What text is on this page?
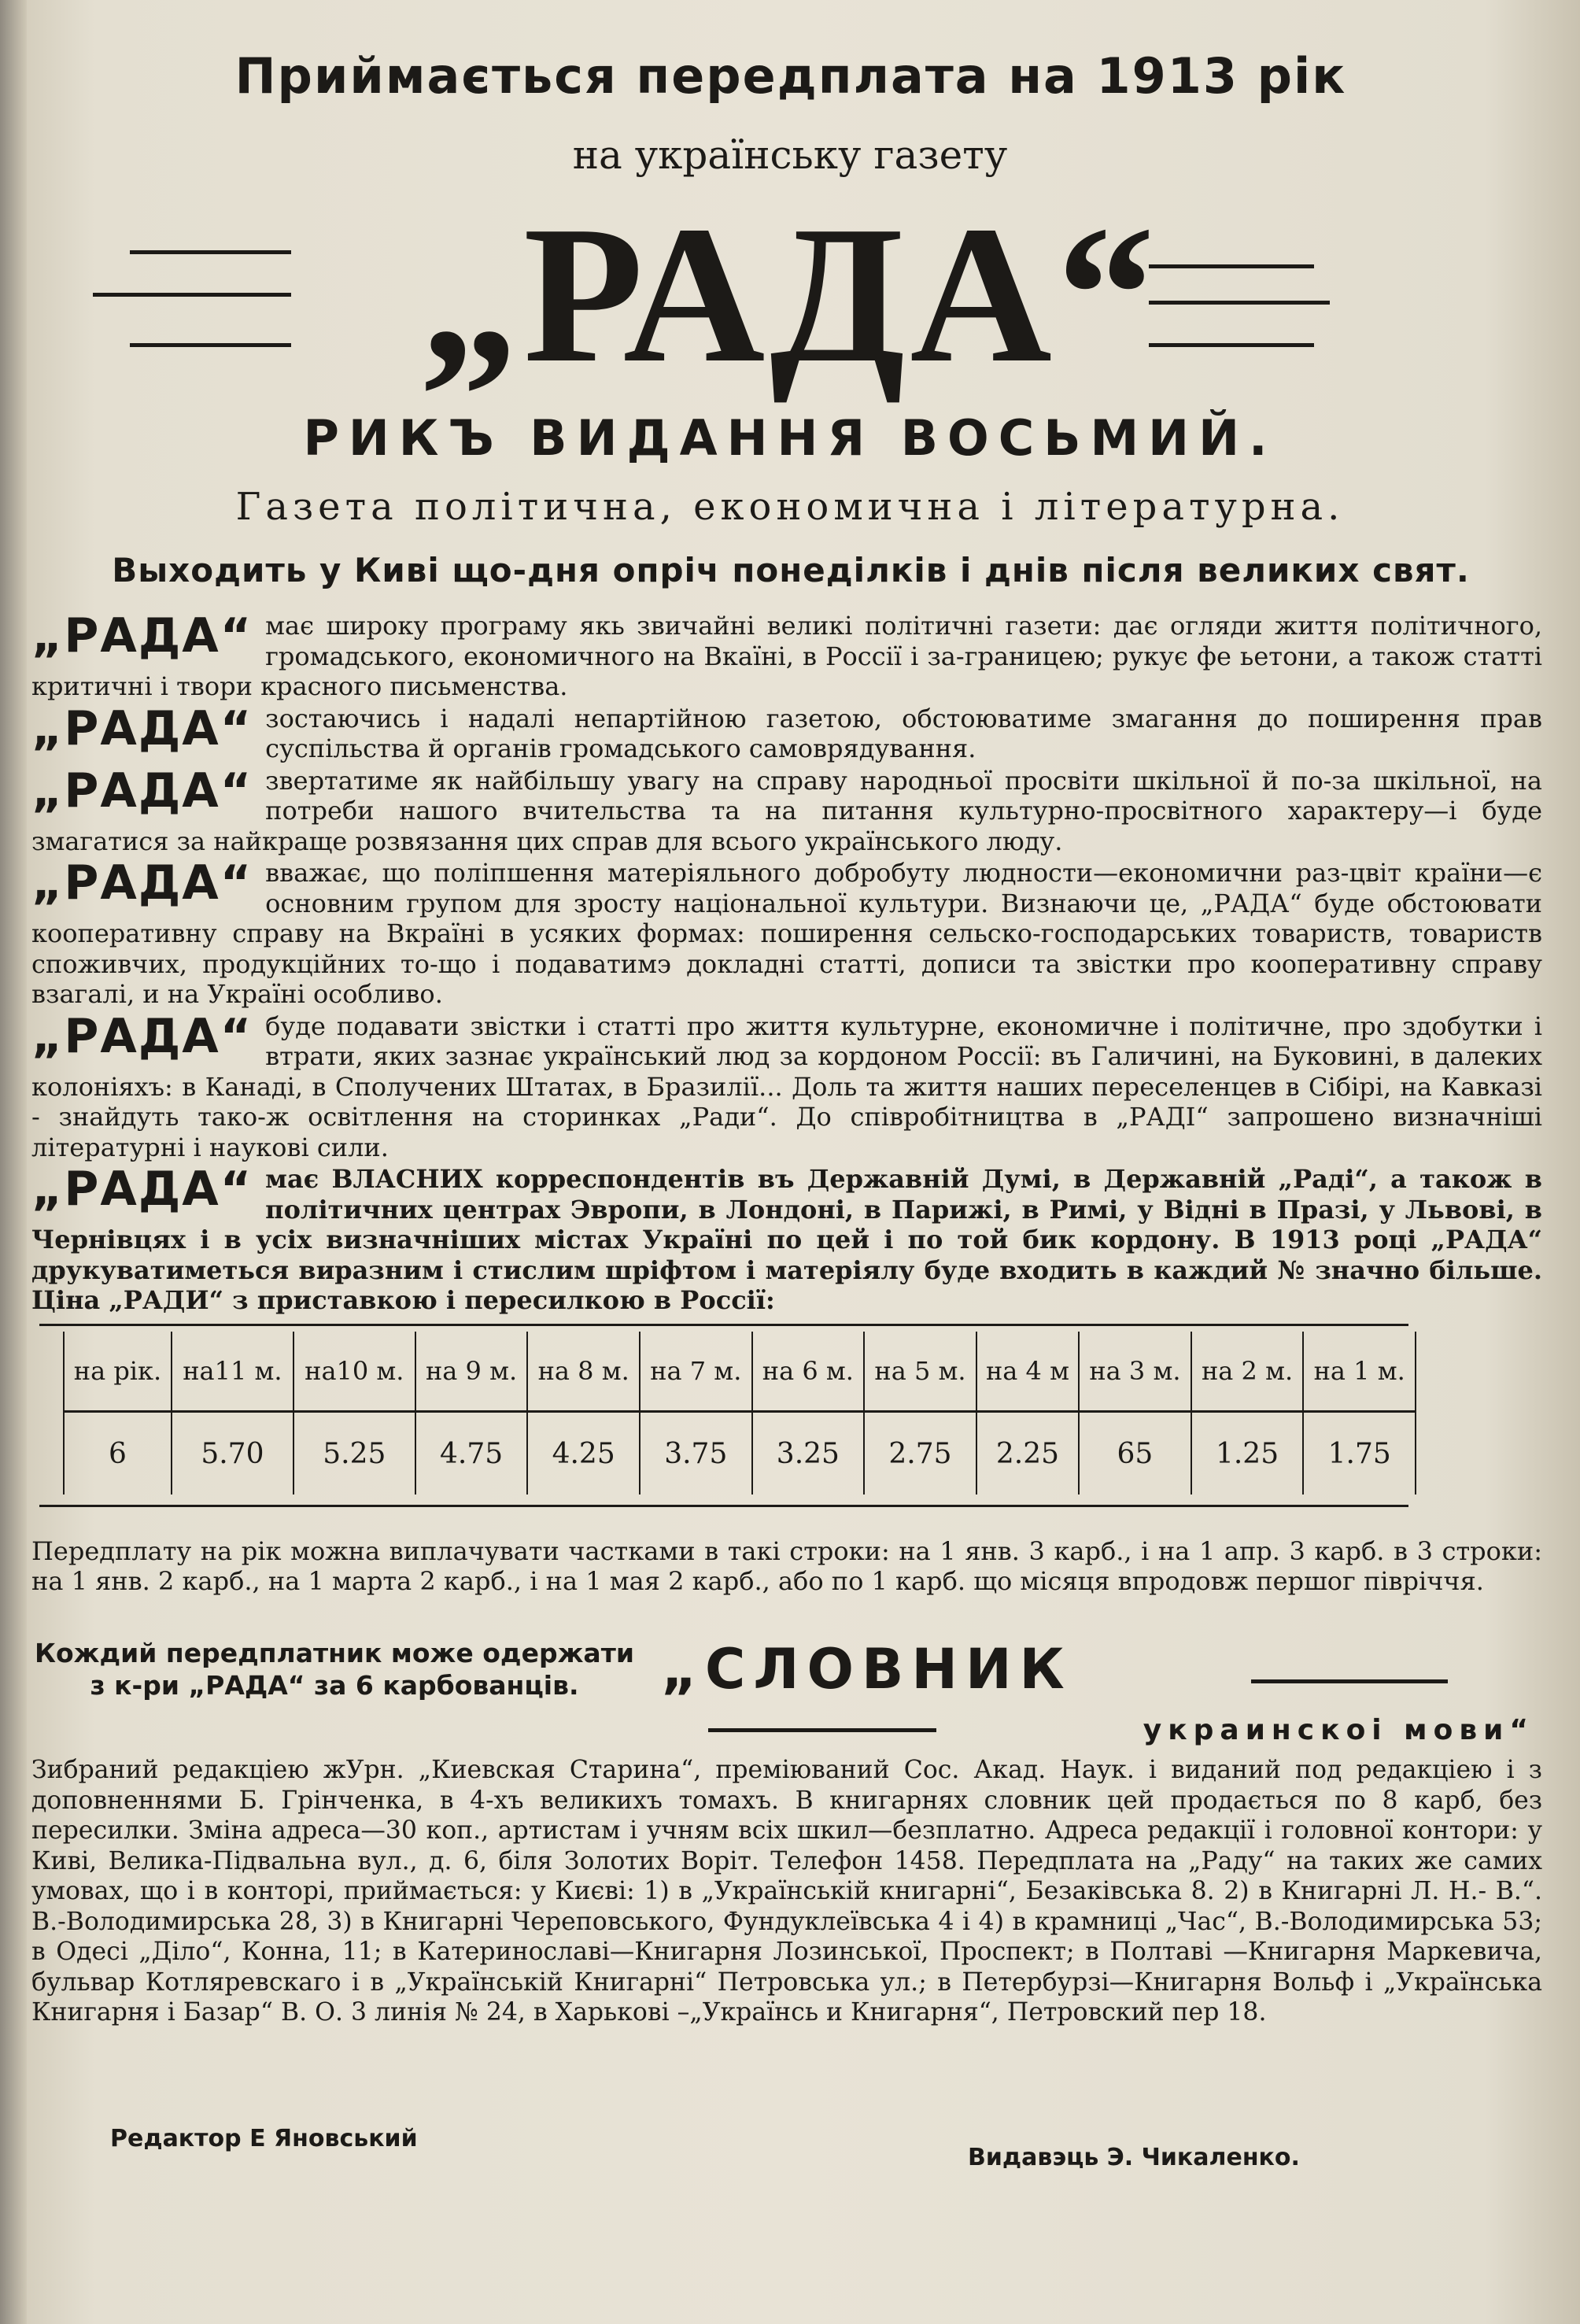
Приймається передплата на 1913 рік
на українську газету
„РАДА“
РИКЪ ВИДАННЯ ВОСЬМИЙ.
Газета політична, економична і літературна.
Выходить у Киві що-дня опріч понеділків і днів після великих свят.

„РАДА“ має широку програму якь звичайні великі політичні газети: дає огляди життя політичного, громадського, економичного на Вкаїні, в Россії і за-границею; рукує фе ьетони, а також статті критичні і твори красного письменства.

„РАДА“ зостаючись і надалі непартійною газетою, обстоюватиме змагання до поширення прав суспільства й органів громадського самоврядування.

„РАДА“ звертатиме як найбільшу увагу на справу народньої просвіти шкільної й по-за шкільної, на потреби нашого вчительства та на питання культурно-просвітного характеру—і буде змагатися за найкраще розвязання цих справ для всього українського люду.

„РАДА“ вважає, що поліпшення матеріяльного добробуту людности—економични раз-цвіт країни—є основним групом для зросту національної культури. Визнаючи це, „РАДА“ буде обстоювати кооперативну справу на Вкраїні в усяких формах: поширення сельско-господарських товариств, товариств споживчих, продукційних то-що і подаватимэ докладні статті, дописи та звістки про кооперативну справу взагалі, и на Україні особливо.

„РАДА“ буде подавати звістки і статті про життя культурне, економичне і політичне, про здобутки і втрати, яких зазнає український люд за кордоном Россії: въ Галичині, на Буковині, в далеких колоніяхъ: в Канаді, в Сполучених Штатах, в Бразилії... Доль та життя наших переселенцев в Сібірі, на Кавказі - знайдуть тако-ж освітлення на сторинках „Ради“. До співробітництва в „РАДІ“ запрошено визначніші літературні і наукові сили.

„РАДА“ має ВЛАСНИХ корреспондентів въ Державній Думі, в Державній „Раді“, а також в політичних центрах Эвропи, в Лондоні, в Парижі, в Римі, у Відні в Празі, у Львові, в Чернівцях і в усіх визначніших містах Україні по цей і по той бик кордону. В 1913 році „РАДА“ друкуватиметься виразним і стислим шріфтом і матеріялу буде входить в каждий № значно більше. Ціна „РАДИ“ з приставкою і пересилкою в Россії:

на рік.	на11 м.	на10 м.	на 9 м.	на 8 м.	на 7 м.	на 6 м.	на 5 м.	на 4 м	на 3 м.	на 2 м.	на 1 м.
6	5.70	5.25	4.75	4.25	3.75	3.25	2.75	2.25	65	1.25	1.75
Передплату на рік можна виплачувати частками в такі строки: на 1 янв. 3 карб., і на 1 апр. 3 карб. в 3 строки: на 1 янв. 2 карб., на 1 марта 2 карб., і на 1 мая 2 карб., або по 1 карб. що місяця впродовж першог півріччя.
Кождий передплатник може одержати з к-ри „РАДА“ за 6 карбованців.	„СЛОВНИК
украинскоі мови“
Зибраний редакціею жУрн. „Киевская Старина“, преміюваний Сос. Акад. Наук. і виданий под редакціею і з доповненнями Б. Грінченка, в 4-хъ великихъ томахъ. В книгарнях словник цей продається по 8 карб, без пересилки. Зміна адреса—30 коп., артистам і учням всіх шкил—безплатно. Адреса редакції і головної контори: у Киві, Велика-Підвальна вул., д. 6, біля Золотих Воріт. Телефон 1458. Передплата на „Раду“ на таких же самих умовах, що і в конторі, приймається: у Києві: 1) в „Українській книгарні“, Безаківська 8. 2) в Книгарні Л. Н.- В.“. В.-Володимирська 28, 3) в Книгарні Череповського, Фундуклеївська 4 і 4) в крамниці „Час“, В.-Володимирська 53; в Одесі „Діло“, Конна, 11; в Катеринославі—Книгарня Лозинської, Проспект; в Полтаві —Книгарня Маркевича, бульвар Котляревскаго і в „Українській Книгарні“ Петровська ул.; в Петербурзі—Книгарня Вольф і „Українська Книгарня і Базар“ В. О. 3 линія № 24, в Харькові –„Українсь и Книгарня“, Петровский пер 18.
Редактор Е Яновський
Видавэць Э. Чикаленко.
